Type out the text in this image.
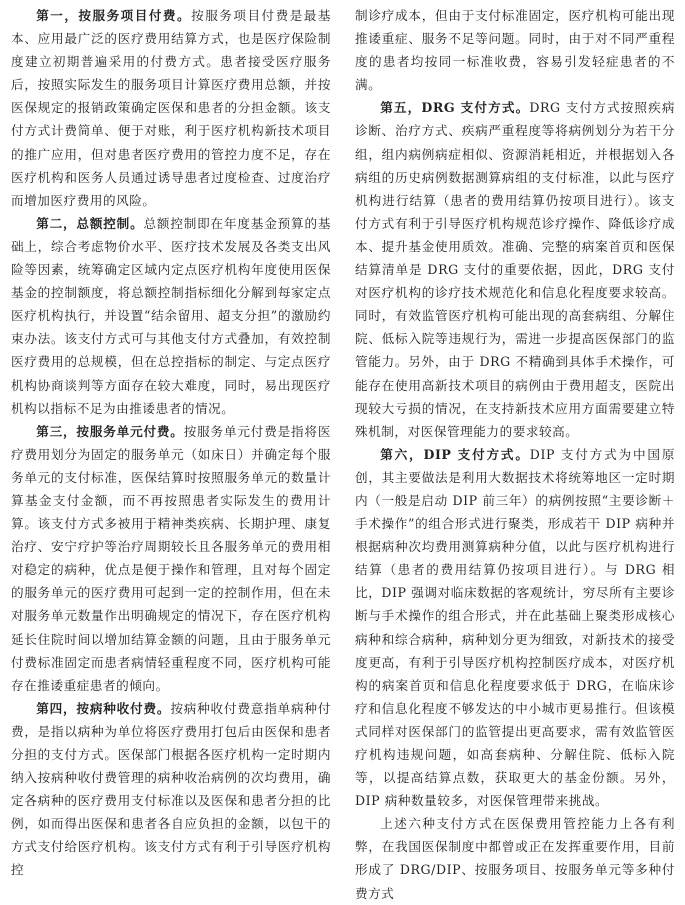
第一，按服务项目付费。按服务项目付费是最基本、应用最广泛的医疗费用结算方式，也是医疗保险制度建立初期普遍采用的付费方式。患者接受医疗服务后，按照实际发生的服务项目计算医疗费用总额，并按医保规定的报销政策确定医保和患者的分担金额。该支付方式计费简单、便于对账，利于医疗机构新技术项目的推广应用，但对患者医疗费用的管控力度不足，存在医疗机构和医务人员通过诱导患者过度检查、过度治疗而增加医疗费用的风险。

第二，总额控制。总额控制即在年度基金预算的基础上，综合考虑物价水平、医疗技术发展及各类支出风险等因素，统筹确定区域内定点医疗机构年度使用医保基金的控制额度，将总额控制指标细化分解到每家定点医疗机构执行，并设置“结余留用、超支分担”的激励约束办法。该支付方式可与其他支付方式叠加，有效控制医疗费用的总规模，但在总控指标的制定、与定点医疗机构协商谈判等方面存在较大难度，同时，易出现医疗机构以指标不足为由推诿患者的情况。

第三，按服务单元付费。按服务单元付费是指将医疗费用划分为固定的服务单元（如床日）并确定每个服务单元的支付标准，医保结算时按照服务单元的数量计算基金支付金额，而不再按照患者实际发生的费用计算。该支付方式多被用于精神类疾病、长期护理、康复治疗、安宁疗护等治疗周期较长且各服务单元的费用相对稳定的病种，优点是便于操作和管理，且对每个固定的服务单元的医疗费用可起到一定的控制作用，但在未对服务单元数量作出明确规定的情况下，存在医疗机构延长住院时间以增加结算金额的问题，且由于服务单元付费标准固定而患者病情轻重程度不同，医疗机构可能存在推诿重症患者的倾向。

第四，按病种收付费。按病种收付费意指单病种付费，是指以病种为单位将医疗费用打包后由医保和患者分担的支付方式。医保部门根据各医疗机构一定时期内纳入按病种收付费管理的病种收治病例的次均费用，确定各病种的医疗费用支付标准以及医保和患者分担的比例，如而得出医保和患者各自应负担的金额，以包干的方式支付给医疗机构。该支付方式有利于引导医疗机构控

制诊疗成本，但由于支付标准固定，医疗机构可能出现推诿重症、服务不足等问题。同时，由于对不同严重程度的患者均按同一标准收费，容易引发轻症患者的不满。

第五，DRG 支付方式。DRG 支付方式按照疾病诊断、治疗方式、疾病严重程度等将病例划分为若干分组，组内病例病症相似、资源消耗相近，并根据划入各病组的历史病例数据测算病组的支付标准，以此与医疗机构进行结算（患者的费用结算仍按项目进行）。该支付方式有利于引导医疗机构规范诊疗操作、降低诊疗成本、提升基金使用质效。准确、完整的病案首页和医保结算清单是 DRG 支付的重要依据，因此，DRG 支付对医疗机构的诊疗技术规范化和信息化程度要求较高。同时，有效监管医疗机构可能出现的高套病组、分解住院、低标入院等违规行为，需进一步提高医保部门的监管能力。另外，由于 DRG 不精确到具体手术操作，可能存在使用高新技术项目的病例由于费用超支，医院出现较大亏损的情况，在支持新技术应用方面需要建立特殊机制，对医保管理能力的要求较高。

第六，DIP 支付方式。DIP 支付方式为中国原创，其主要做法是利用大数据技术将统筹地区一定时期内（一般是启动 DIP 前三年）的病例按照“主要诊断＋手术操作”的组合形式进行聚类，形成若干 DIP 病种并根据病种次均费用测算病种分值，以此与医疗机构进行结算（患者的费用结算仍按项目进行）。与 DRG 相比，DIP 强调对临床数据的客观统计，穷尽所有主要诊断与手术操作的组合形式，并在此基础上聚类形成核心病种和综合病种，病种划分更为细致，对新技术的接受度更高，有利于引导医疗机构控制医疗成本，对医疗机构的病案首页和信息化程度要求低于 DRG，在临床诊疗和信息化程度不够发达的中小城市更易推行。但该模式同样对医保部门的监管提出更高要求，需有效监管医疗机构违规问题，如高套病种、分解住院、低标入院等，以提高结算点数，获取更大的基金份额。另外，DIP 病种数量较多，对医保管理带来挑战。

上述六种支付方式在医保费用管控能力上各有利弊，在我国医保制度中都曾或正在发挥重要作用，目前形成了 DRG/DIP、按服务项目、按服务单元等多种付费方式
